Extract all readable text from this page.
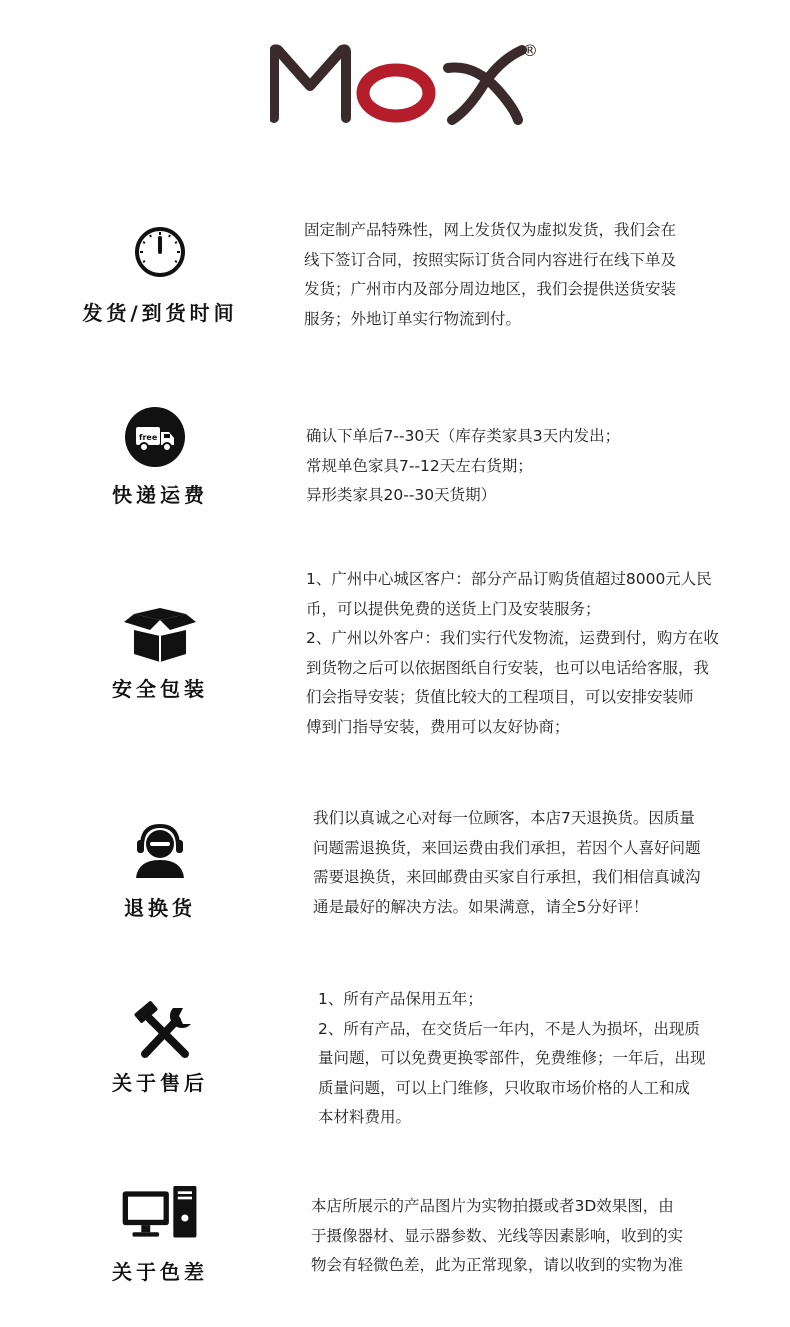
®
发货/到货时间

固定制产品特殊性，网上发货仅为虚拟发货，我们会在

线下签订合同，按照实际订货合同内容进行在线下单及

发货；广州市内及部分周边地区，我们会提供送货安装

服务；外地订单实行物流到付。

free
快递运费

确认下单后7--30天（库存类家具3天内发出；

常规单色家具7--12天左右货期；

异形类家具20--30天货期）

安全包装

1、广州中心城区客户：部分产品订购货值超过8000元人民

币，可以提供免费的送货上门及安装服务；

2、广州以外客户：我们实行代发物流，运费到付，购方在收

到货物之后可以依据图纸自行安装，也可以电话给客服，我

们会指导安装；货值比较大的工程项目，可以安排安装师

傅到门指导安装，费用可以友好协商；

退换货

我们以真诚之心对每一位顾客，本店7天退换货。因质量

问题需退换货，来回运费由我们承担，若因个人喜好问题

需要退换货，来回邮费由买家自行承担，我们相信真诚沟

通是最好的解决方法。如果满意，请全5分好评！

关于售后

1、所有产品保用五年；

2、所有产品，在交货后一年内，不是人为损坏，出现质

量问题，可以免费更换零部件，免费维修；一年后，出现

质量问题，可以上门维修，只收取市场价格的人工和成

本材料费用。

关于色差

本店所展示的产品图片为实物拍摄或者3D效果图，由

于摄像器材、显示器参数、光线等因素影响，收到的实

物会有轻微色差，此为正常现象，请以收到的实物为准
